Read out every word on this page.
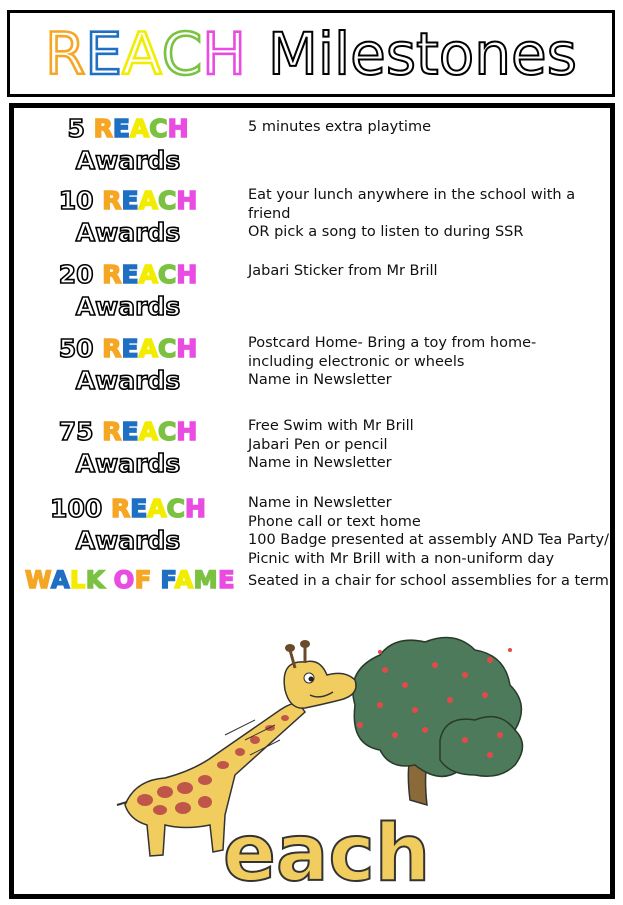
R E A C H Milestones
5 REACH
Awards
5 minutes extra playtime
10 REACH
Awards
Eat your lunch anywhere in the school with a
friend
OR pick a song to listen to during SSR
20 REACH
Awards
Jabari Sticker from Mr Brill
50 REACH
Awards
Postcard Home- Bring a toy from home-
including electronic or wheels
Name in Newsletter
75 REACH
Awards
Free Swim with Mr Brill
Jabari Pen or pencil
Name in Newsletter
100 REACH
Awards
Name in Newsletter
Phone call or text home
100 Badge presented at assembly AND Tea Party/
Picnic with Mr Brill with a non-uniform day
WALK OF FAME Seated in a chair for school assemblies for a term
each
